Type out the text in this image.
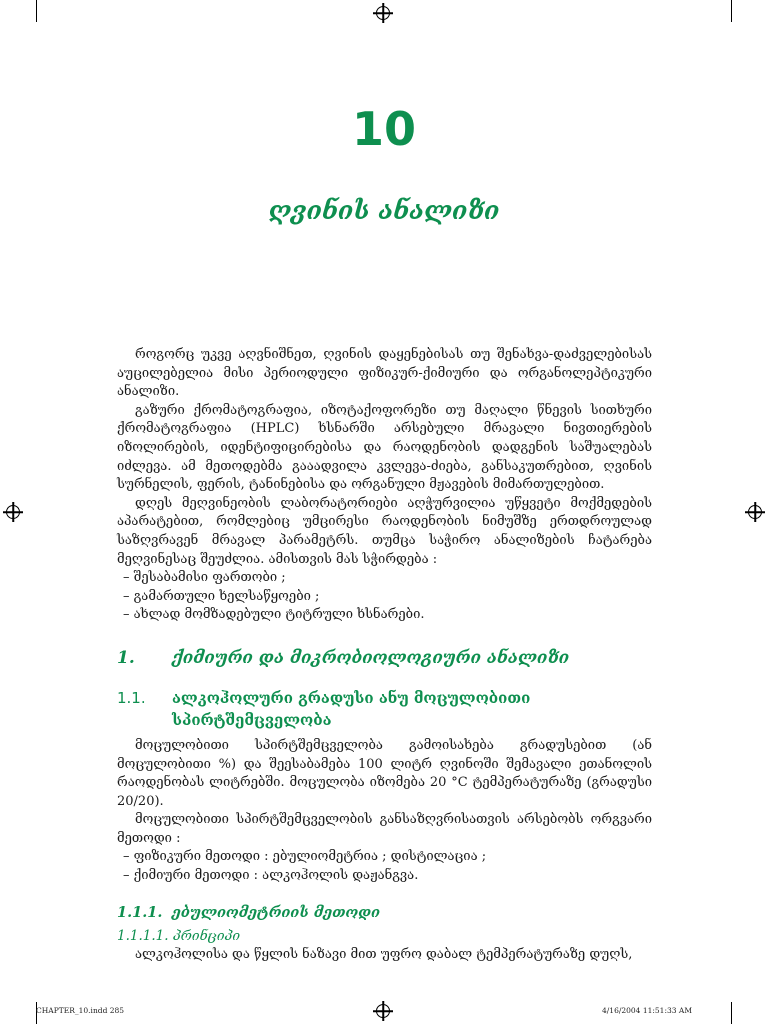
10
ღვინის ანალიზი

როგორც უკვე აღვნიშნეთ, ღვინის დაყენებისას თუ შენახვა-დაძველებისას აუცილებელია მისი პერიოდული ფიზიკურ-ქიმიური და ორგანოლეპტიკური ანალიზი.

გაზური ქრომატოგრაფია, იზოტაქოფორეზი თუ მაღალი წნევის სითხური ქრომატოგრაფია (HPLC) ხსნარში არსებული მრავალი ნივთიერების იზოლირების, იდენტიფიცირებისა და რაოდენობის დადგენის საშუალებას იძლევა. ამ მეთოდებმა გააადვილა კვლევა-ძიება, განსაკუთრებით, ღვინის სურნელის, ფერის, ტანინებისა და ორგანული მჟავების მიმართულებით.

დღეს მეღვინეობის ლაბორატორიები აღჭურვილია უწყვეტი მოქმედების აპარატებით, რომლებიც უმცირესი რაოდენობის ნიმუშზე ერთდროულად საზღვრავენ მრავალ პარამეტრს. თუმცა საჭირო ანალიზების ჩატარება მეღვინესაც შეუძლია. ამისთვის მას სჭირდება :

– შესაბამისი ფართობი ;

– გამართული ხელსაწყოები ;

– ახლად მომზადებული ტიტრული ხსნარები.

1.	ქიმიური და მიკრობიოლოგიური ანალიზი
1.1.	ალკოჰოლური გრადუსი ანუ მოცულობითი სპირტშემცველობა

მოცულობითი სპირტშემცველობა გამოისახება გრადუსებით (ან მოცულობითი %) და შეესაბამება 100 ლიტრ ღვინოში შემავალი ეთანოლის რაოდენობას ლიტრებში. მოცულობა იზომება 20 °C ტემპერატურაზე (გრადუსი 20/20).

მოცულობითი სპირტშემცველობის განსაზღვრისათვის არსებობს ორგვარი მეთოდი :

– ფიზიკური მეთოდი : ებულიომეტრია ; დისტილაცია ;

– ქიმიური მეთოდი : ალკოჰოლის დაჟანგვა.

1.1.1. ებულიომეტრიის მეთოდი
1.1.1.1. პრინციპი

ალკოჰოლისა და წყლის ნაზავი მით უფრო დაბალ ტემპერატურაზე დუღს,

CHAPTER_10.indd 285	4/16/2004 11:51:33 AM
